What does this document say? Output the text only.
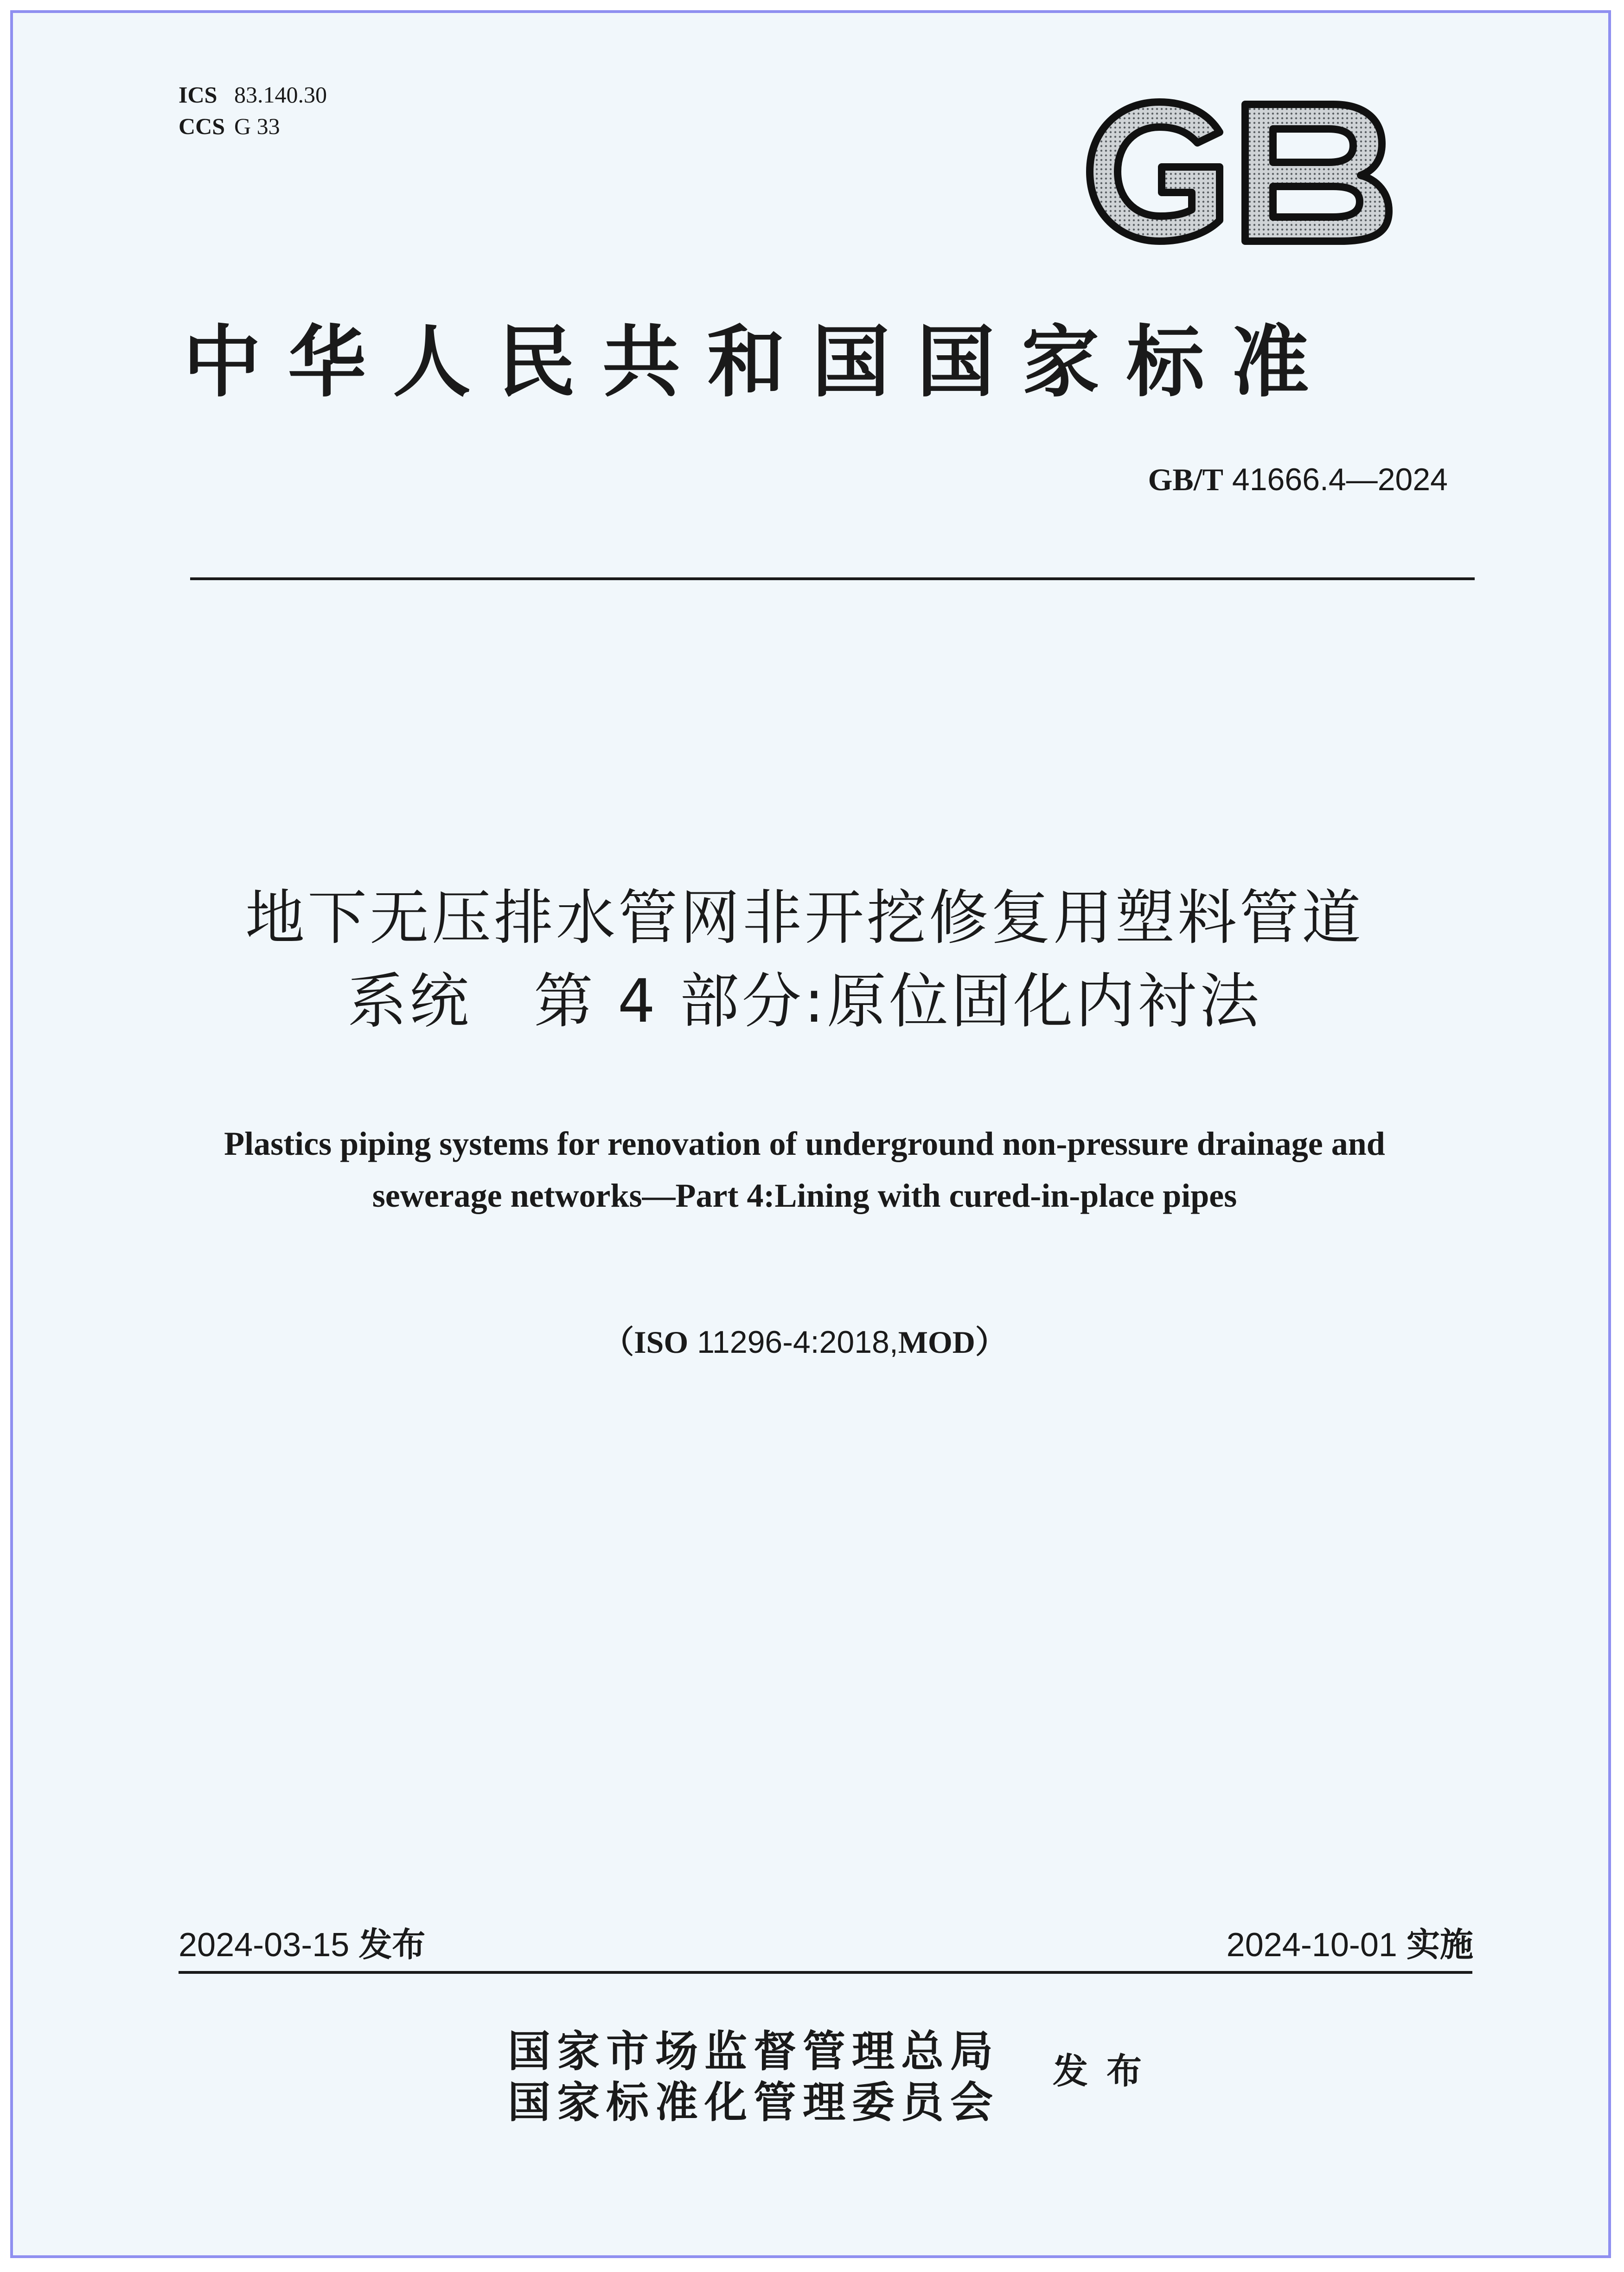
ICS 83.140.30
CCS G 33
GB
中华人民共和国国家标准
GB/T 41666.4—2024
地下无压排水管网非开挖修复用塑料管道
系统　第 4 部分:原位固化内衬法
Plastics piping systems for renovation of underground non-pressure drainage and
sewerage networks—Part 4:Lining with cured-in-place pipes
（ISO 11296-4:2018,MOD）
2024-03-15 发布	2024-10-01 实施
国家市场监督管理总局
国家标准化管理委员会
发布
